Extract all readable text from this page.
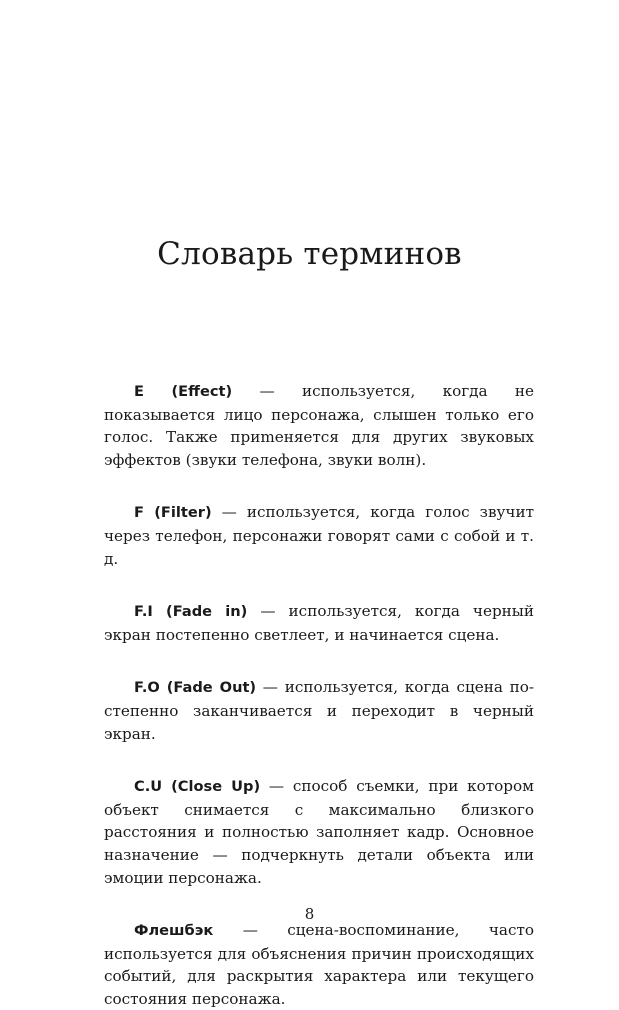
Словарь терминов

E (Effect) — используется, когда не показывается лицо персонажа, слышен только его голос. Также приmеняется для других звуковых эффектов (звуки телефона, звуки волн).

F (Filter) — используется, когда голос звучит через телефон, персонажи говорят сами с собой и т. д.

F.I (Fade in) — используется, когда черный экран постепенно светлеет, и начинается сцена.

F.O (Fade Out) — используется, когда сцена постепенно заканчивается и переходит в черный экран.

C.U (Close Up) — способ съемки, при котором объект снимается с максимально близкого расстояния и полностью заполняет кадр. Основное назначение — подчеркнуть детали объекта или эмоции персонажа.

Флешбэк — сцена-воспоминание, часто используется для объяснения причин происходящих событий, для раскрытия характера или текущего состояния персонажа.

8
